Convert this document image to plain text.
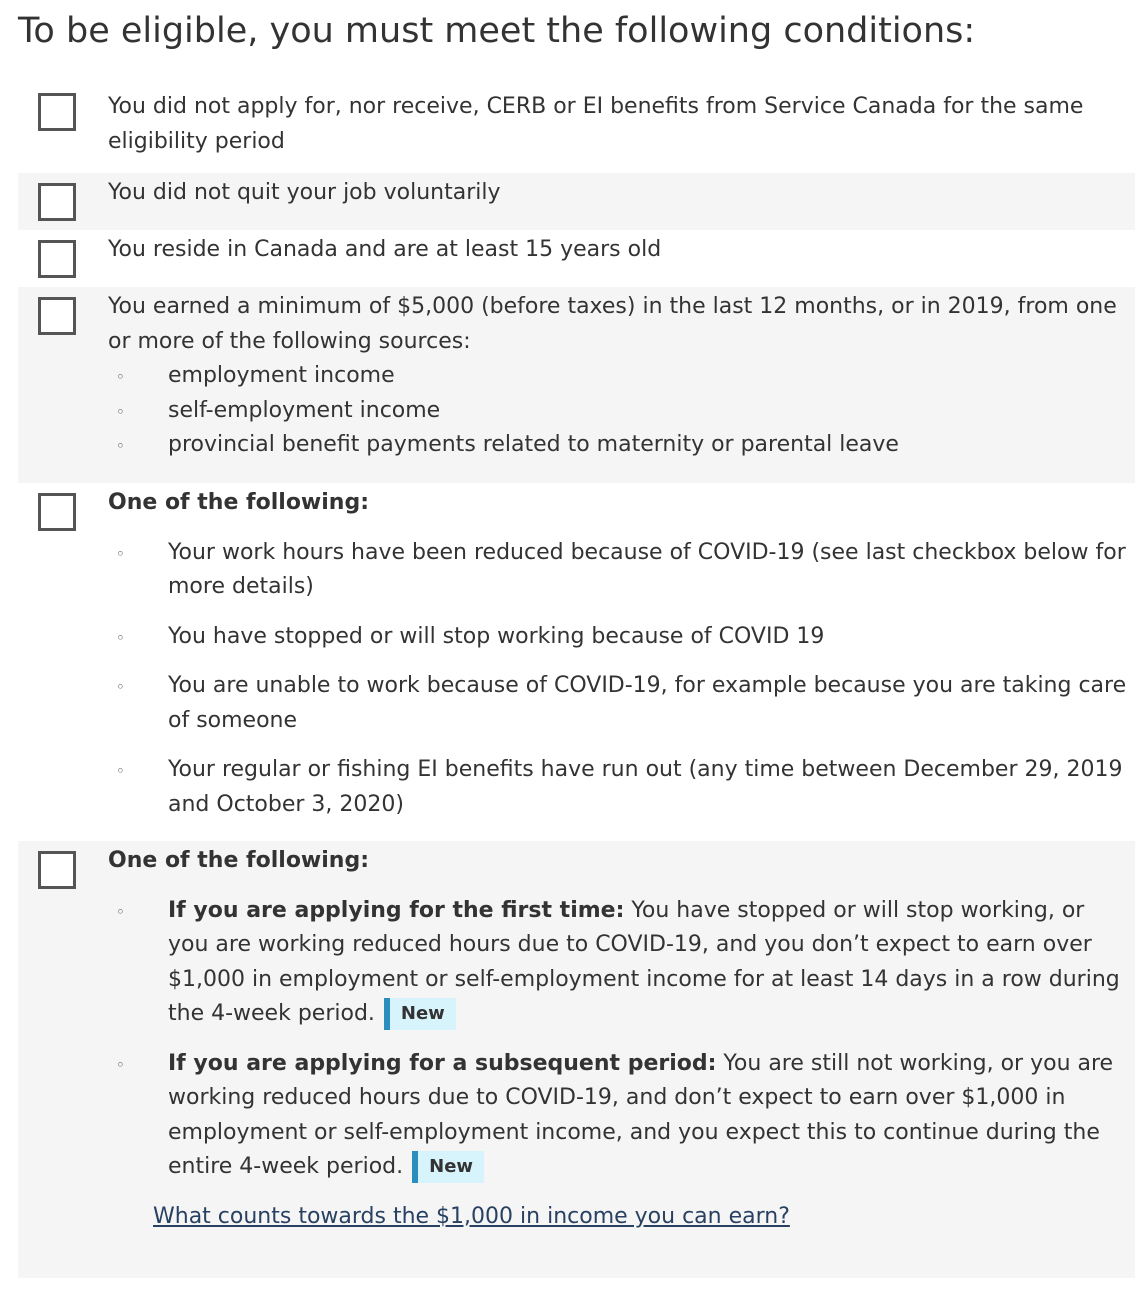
To be eligible, you must meet the following conditions:

You did not apply for, nor receive, CERB or EI benefits from Service Canada for the same eligibility period

You did not quit your job voluntarily

You reside in Canada and are at least 15 years old

You earned a minimum of $5,000 (before taxes) in the last 12 months, or in 2019, from one or more of the following sources:

◦ employment income
◦ self-employment income
◦ provincial benefit payments related to maternity or parental leave

One of the following:

◦ Your work hours have been reduced because of COVID-19 (see last checkbox below for more details)
◦ You have stopped or will stop working because of COVID 19
◦ You are unable to work because of COVID-19, for example because you are taking care of someone
◦ Your regular or fishing EI benefits have run out (any time between December 29, 2019 and October 3, 2020)

One of the following:

◦ If you are applying for the first time: You have stopped or will stop working, or you are working reduced hours due to COVID-19, and you don’t expect to earn over $1,000 in employment or self-employment income for at least 14 days in a row during the 4-week period. New
◦ If you are applying for a subsequent period: You are still not working, or you are working reduced hours due to COVID-19, and don’t expect to earn over $1,000 in employment or self-employment income, and you expect this to continue during the entire 4-week period. New
What counts towards the $1,000 in income you can earn?
